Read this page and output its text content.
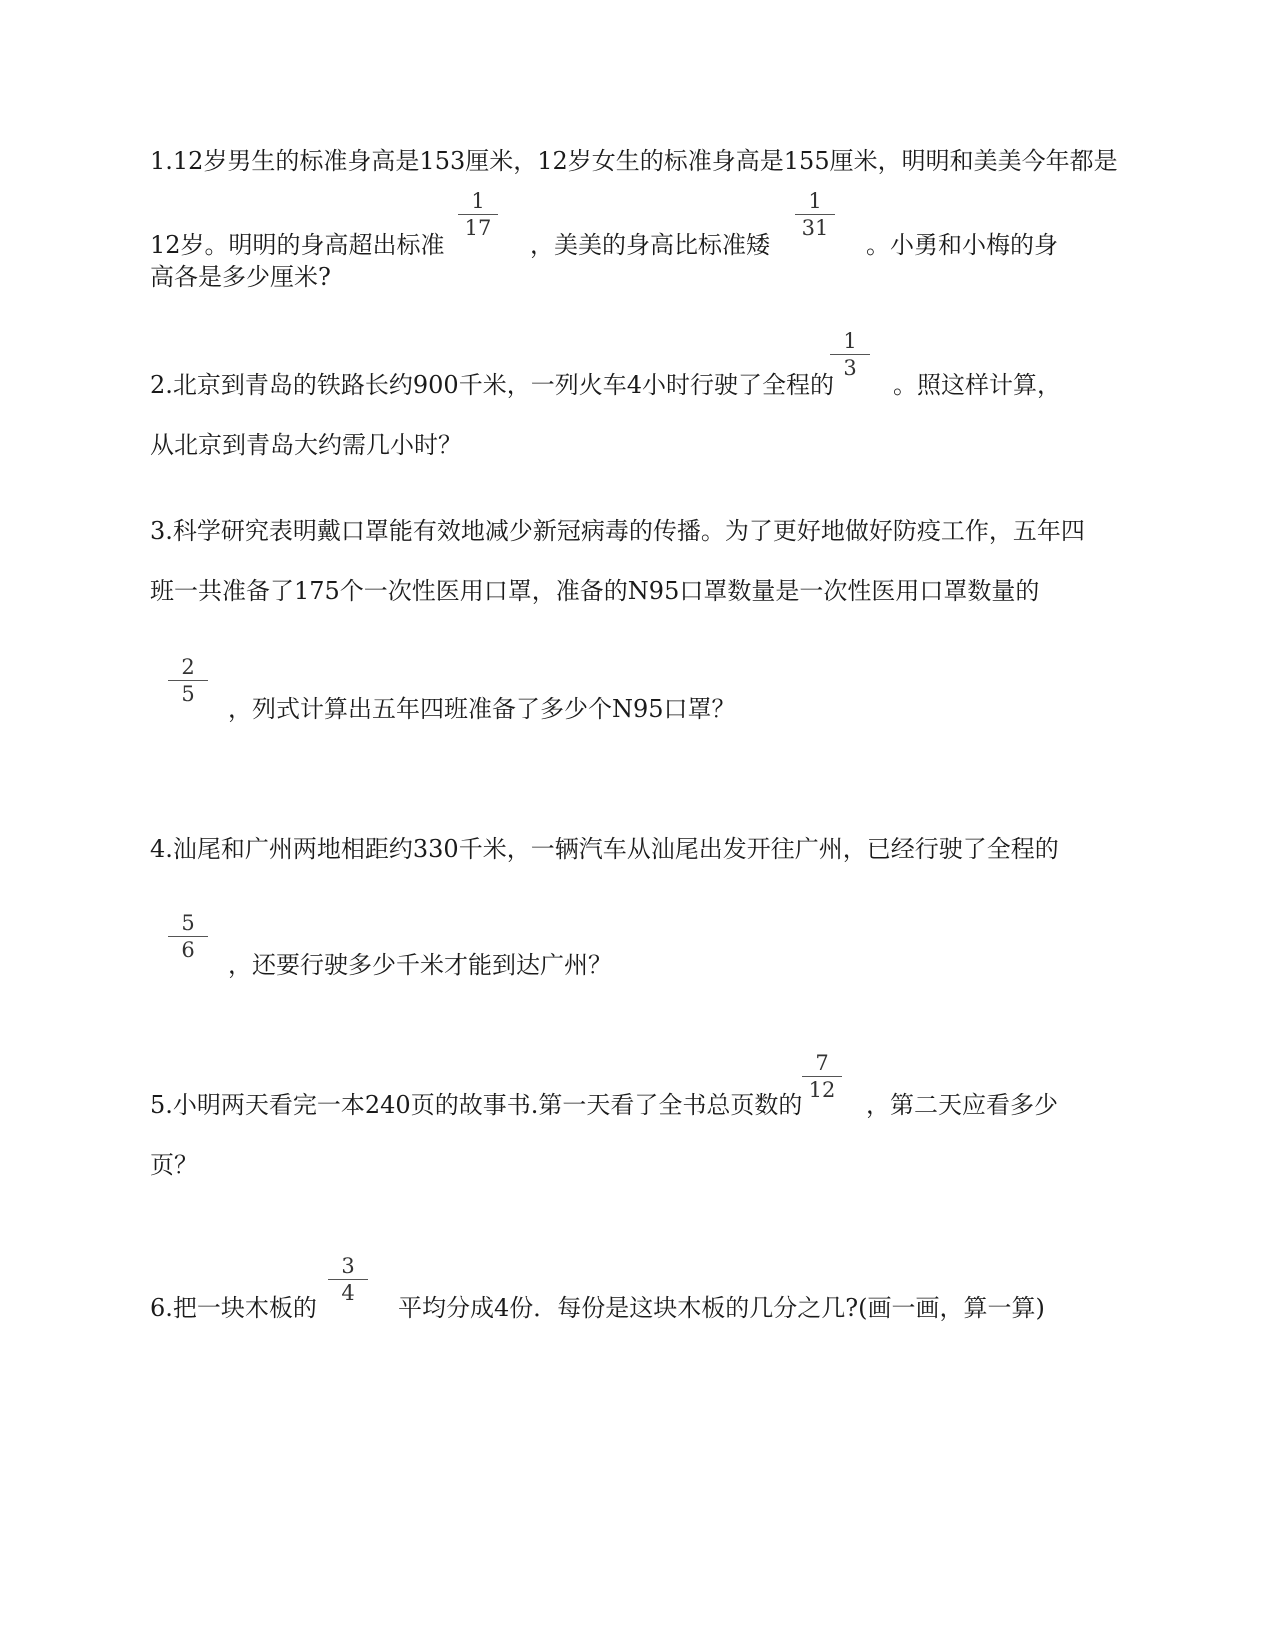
1.12岁男生的标准身高是153厘米，12岁女生的标准身高是155厘米，明明和美美今年都是
1
17
1
31
12岁。明明的身高超出标准	，美美的身高比标准矮	。小勇和小梅的身
高各是多少厘米?
1
3
2.北京到青岛的铁路长约900千米，一列火车4小时行驶了全程的 。照这样计算，
从北京到青岛大约需几小时？
3.科学研究表明戴口罩能有效地减少新冠病毒的传播。为了更好地做好防疫工作，五年四
班一共准备了175个一次性医用口罩，准备的N95口罩数量是一次性医用口罩数量的
2
5
，列式计算出五年四班准备了多少个N95口罩？
4.汕尾和广州两地相距约330千米，一辆汽车从汕尾出发开往广州，已经行驶了全程的
5
6
，还要行驶多少千米才能到达广州？
7
12
5.小明两天看完一本240页的故事书.第一天看了全书总页数的	，第二天应看多少
页？
3
4
6.把一块木板的	平均分成4份．每份是这块木板的几分之几?(画一画，算一算)
